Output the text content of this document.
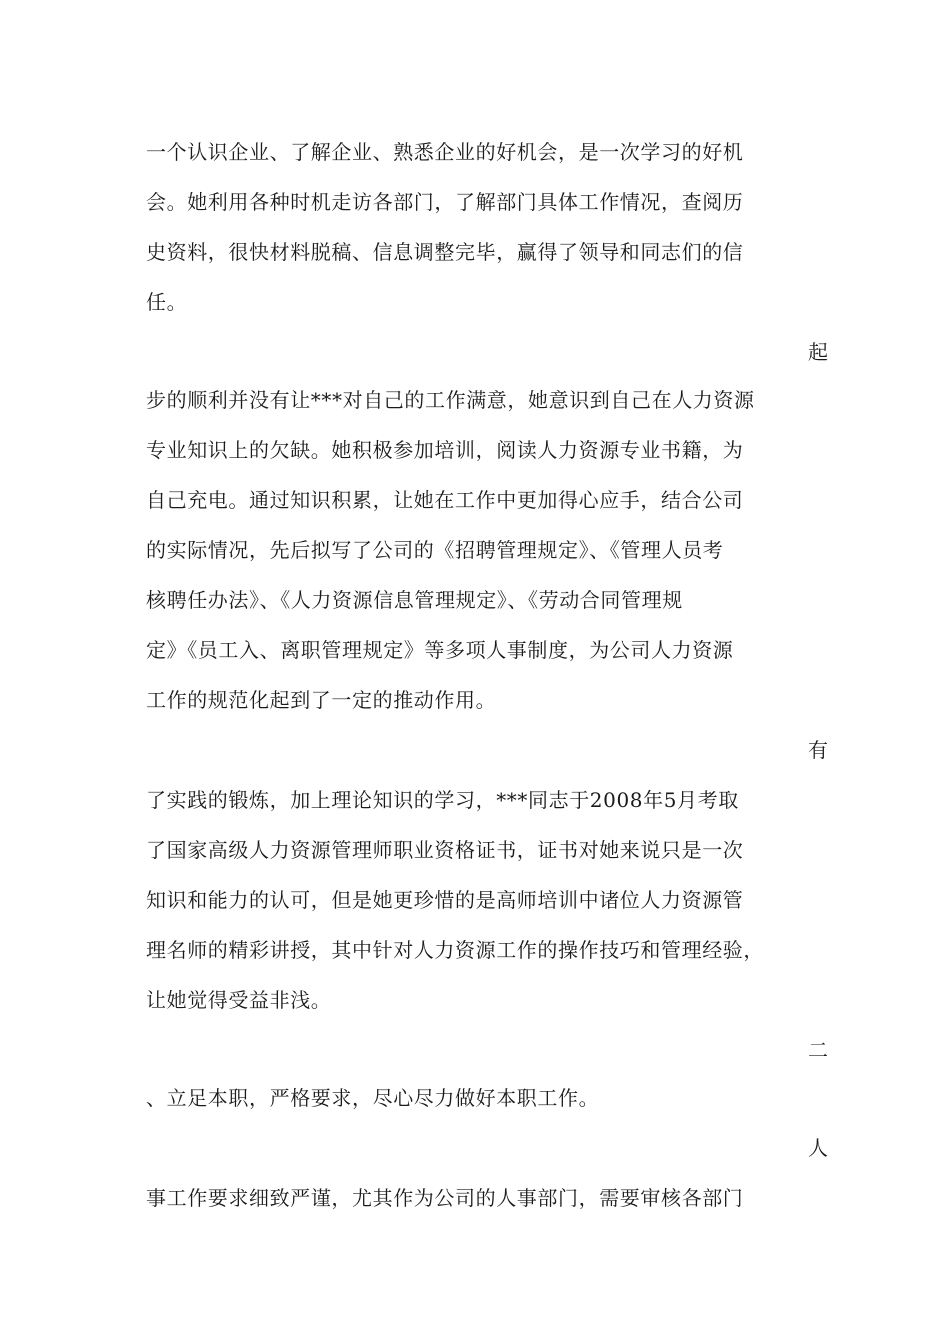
一个认识企业、了解企业、熟悉企业的好机会，是一次学习的好机
会。她利用各种时机走访各部门，了解部门具体工作情况，查阅历
史资料，很快材料脱稿、信息调整完毕，赢得了领导和同志们的信
任。
起
步的顺利并没有让***对自己的工作满意，她意识到自己在人力资源
专业知识上的欠缺。她积极参加培训，阅读人力资源专业书籍，为
自己充电。通过知识积累，让她在工作中更加得心应手，结合公司
的实际情况，先后拟写了公司的《招聘管理规定》、《管理人员考
核聘任办法》、《人力资源信息管理规定》、《劳动合同管理规
定》《员工入、离职管理规定》等多项人事制度，为公司人力资源
工作的规范化起到了一定的推动作用。
有
了实践的锻炼，加上理论知识的学习，***同志于2008年5月考取
了国家高级人力资源管理师职业资格证书，证书对她来说只是一次
知识和能力的认可，但是她更珍惜的是高师培训中诸位人力资源管
理名师的精彩讲授，其中针对人力资源工作的操作技巧和管理经验，
让她觉得受益非浅。
二
、立足本职，严格要求，尽心尽力做好本职工作。
人
事工作要求细致严谨，尤其作为公司的人事部门，需要审核各部门
